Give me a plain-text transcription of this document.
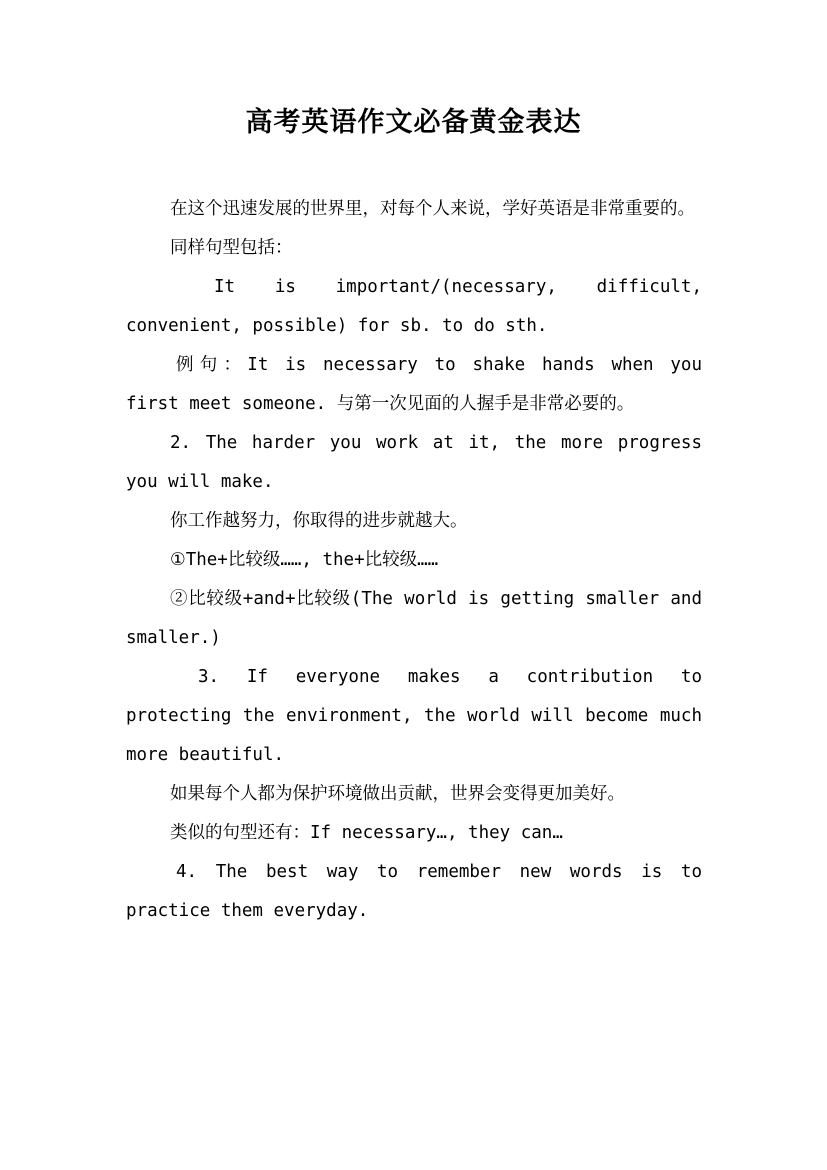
高考英语作文必备黄金表达

在这个迅速发展的世界里，对每个人来说，学好英语是非常重要的。

同样句型包括：

It is important/(necessary, difficult, convenient, possible) for sb. to do sth.

例句：It is necessary to shake hands when you first meet someone. 与第一次见面的人握手是非常必要的。

2. The harder you work at it, the more progress you will make.

你工作越努力，你取得的进步就越大。

①The+比较级……, the+比较级……

②比较级+and+比较级(The world is getting smaller and smaller.)

3. If everyone makes a contribution to protecting the environment, the world will become much more beautiful.

如果每个人都为保护环境做出贡献，世界会变得更加美好。

类似的句型还有：If necessary…, they can…

4. The best way to remember new words is to practice them everyday.
